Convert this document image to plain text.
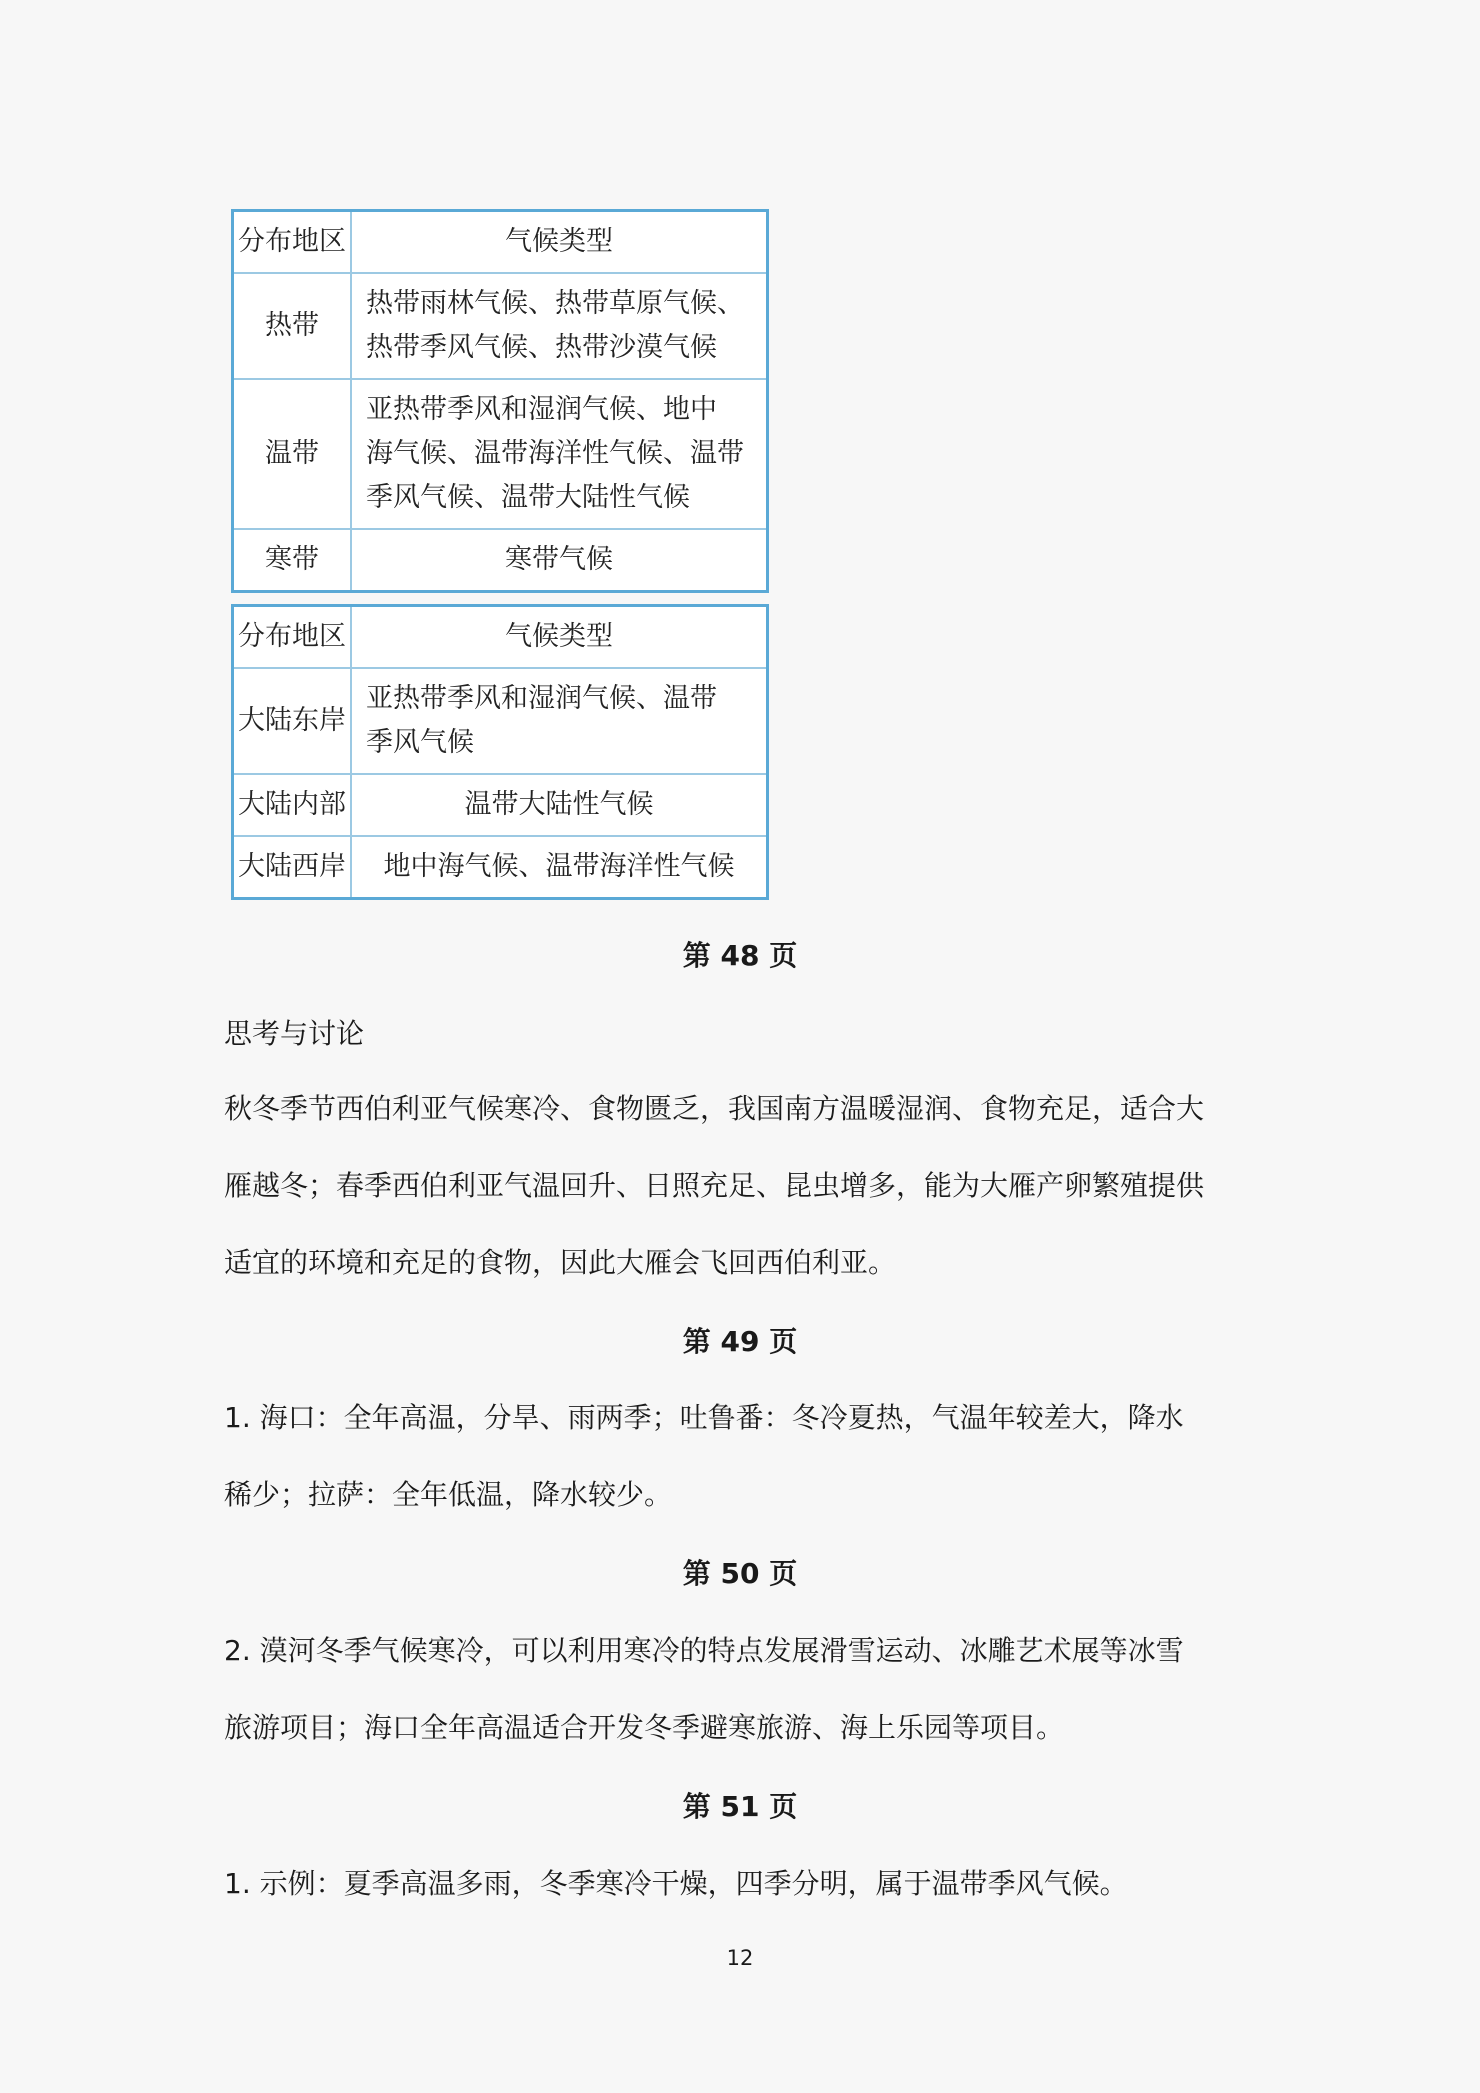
分布地区	气候类型
热带	热带雨林气候、热带草原气候、
热带季风气候、热带沙漠气候

温带	亚热带季风和湿润气候、地中
海气候、温带海洋性气候、温带
季风气候、温带大陆性气候

寒带	寒带气候
分布地区	气候类型
大陆东岸	亚热带季风和湿润气候、温带
季风气候

大陆内部	温带大陆性气候

大陆西岸	地中海气候、温带海洋性气候
第 48 页
思考与讨论
秋冬季节西伯利亚气候寒冷、食物匮乏，我国南方温暖湿润、食物充足，适合大
雁越冬；春季西伯利亚气温回升、日照充足、昆虫增多，能为大雁产卵繁殖提供
适宜的环境和充足的食物，因此大雁会飞回西伯利亚。
第 49 页
1. 海口：全年高温，分旱、雨两季；吐鲁番：冬冷夏热，气温年较差大，降水
稀少；拉萨：全年低温，降水较少。
第 50 页
2. 漠河冬季气候寒冷，可以利用寒冷的特点发展滑雪运动、冰雕艺术展等冰雪
旅游项目；海口全年高温适合开发冬季避寒旅游、海上乐园等项目。
第 51 页
1. 示例：夏季高温多雨，冬季寒冷干燥，四季分明，属于温带季风气候。
12
